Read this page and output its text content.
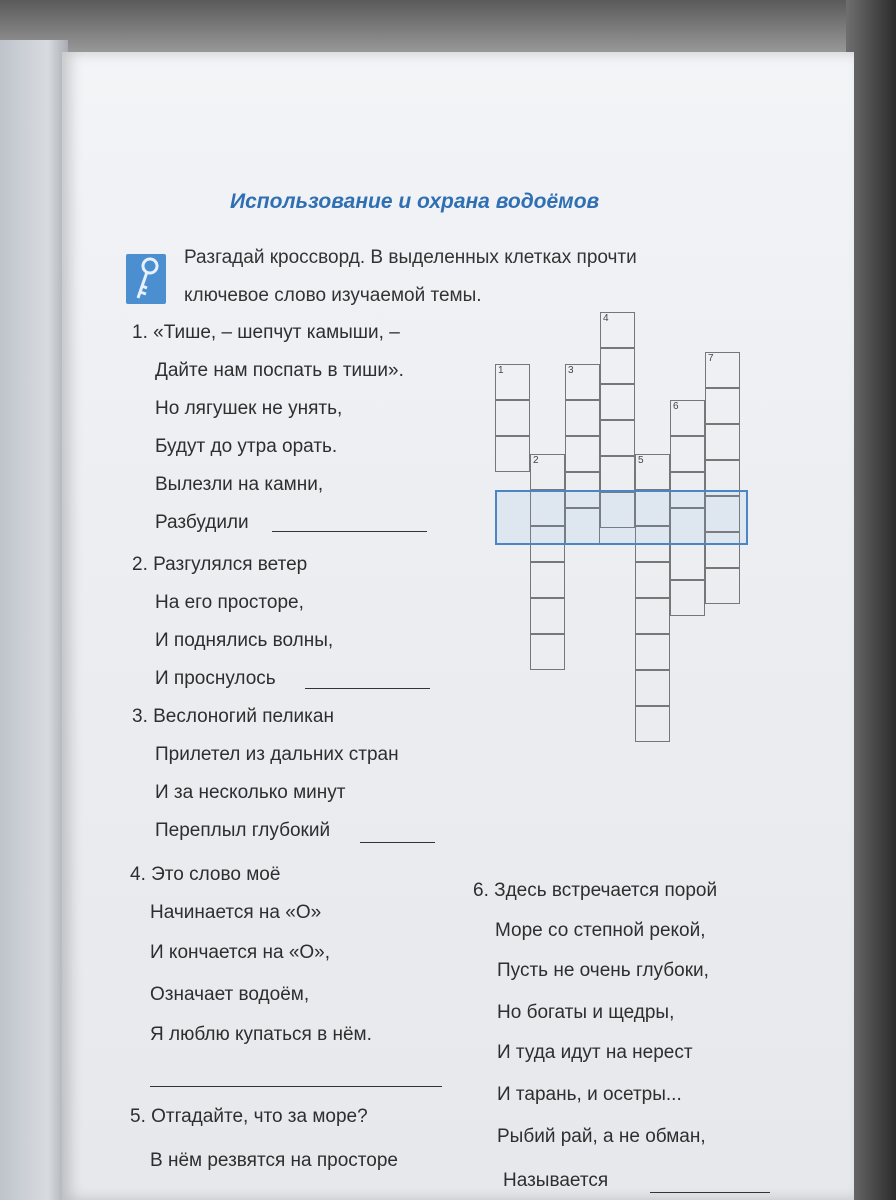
Использование и охрана водоёмов
Разгадай кроссворд. В выделенных клетках прочти
ключевое слово изучаемой темы.
1. «Тише, – шепчут камыши, –
Дайте нам поспать в тиши».
Но лягушек не унять,
Будут до утра орать.
Вылезли на камни,
Разбудили
2. Разгулялся ветер
На его просторе,
И поднялись волны,
И проснулось
3. Веслоногий пеликан
Прилетел из дальних стран
И за несколько минут
Переплыл глубокий
4. Это слово моё
Начинается на «О»
И кончается на «О»,
Означает водоём,
Я люблю купаться в нём.
5. Отгадайте, что за море?
В нём резвятся на просторе
6. Здесь встречается порой
Море со степной рекой,
Пусть не очень глубоки,
Но богаты и щедры,
И туда идут на нерест
И тарань, и осетры...
Рыбий рай, а не обман,
Называется
1
2
3
4
5
6
7
